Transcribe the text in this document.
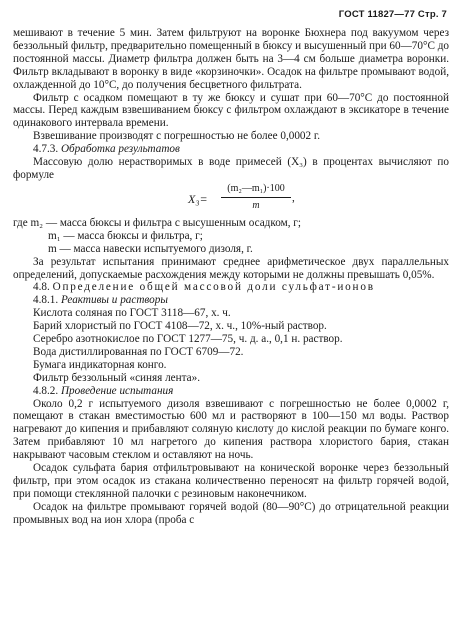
ГОСТ 11827—77 Стр. 7

мешивают в течение 5 мин. Затем фильтруют на воронке Бюхнера под вакуумом через беззольный фильтр, предварительно помещенный в бюксу и высушенный при 60—70°С до постоянной массы. Диаметр фильтра должен быть на 3—4 см больше диаметра воронки. Фильтр вкладывают в воронку в виде «корзиночки». Осадок на фильтре промывают водой, охлажденной до 10°С, до получения бесцветного фильтрата.

Фильтр с осадком помещают в ту же бюксу и сушат при 60—70°С до постоянной массы. Перед каждым взвешиванием бюксу с фильтром охлаждают в эксикаторе в течение одинакового интервала времени.

Взвешивание производят с погрешностью не более 0,0002 г.

4.7.3. Обработка результатов

Массовую долю нерастворимых в воде примесей (X₃) в процентах вычисляют по формуле

$X_3= \frac{\text{(m₂—m₁)·100}}{m}$ ,

где m₂ — масса бюксы и фильтра с высушенным осадком, г;

m₁ — масса бюксы и фильтра, г;

m — масса навески испытуемого дизоля, г.

За результат испытания принимают среднее арифметическое двух параллельных определений, допускаемые расхождения между которыми не должны превышать 0,05%.

4.8. Определение общей массовой доли сульфат-ионов

4.8.1. Реактивы и растворы

Кислота соляная по ГОСТ 3118—67, х. ч.

Барий хлористый по ГОСТ 4108—72, х. ч., 10%-ный раствор.

Серебро азотнокислое по ГОСТ 1277—75, ч. д. а., 0,1 н. раствор.

Вода дистиллированная по ГОСТ 6709—72.

Бумага индикаторная конго.

Фильтр беззольный «синяя лента».

4.8.2. Проведение испытания

Около 0,2 г испытуемого дизоля взвешивают с погрешностью не более 0,0002 г, помещают в стакан вместимостью 600 мл и растворяют в 100—150 мл воды. Раствор нагревают до кипения и прибавляют соляную кислоту до кислой реакции по бумаге конго. Затем прибавляют 10 мл нагретого до кипения раствора хлористого бария, стакан накрывают часовым стеклом и оставляют на ночь.

Осадок сульфата бария отфильтровывают на конической воронке через беззольный фильтр, при этом осадок из стакана количественно переносят на фильтр горячей водой, при помощи стеклянной палочки с резиновым наконечником.

Осадок на фильтре промывают горячей водой (80—90°С) до отрицательной реакции промывных вод на ион хлора (проба с
